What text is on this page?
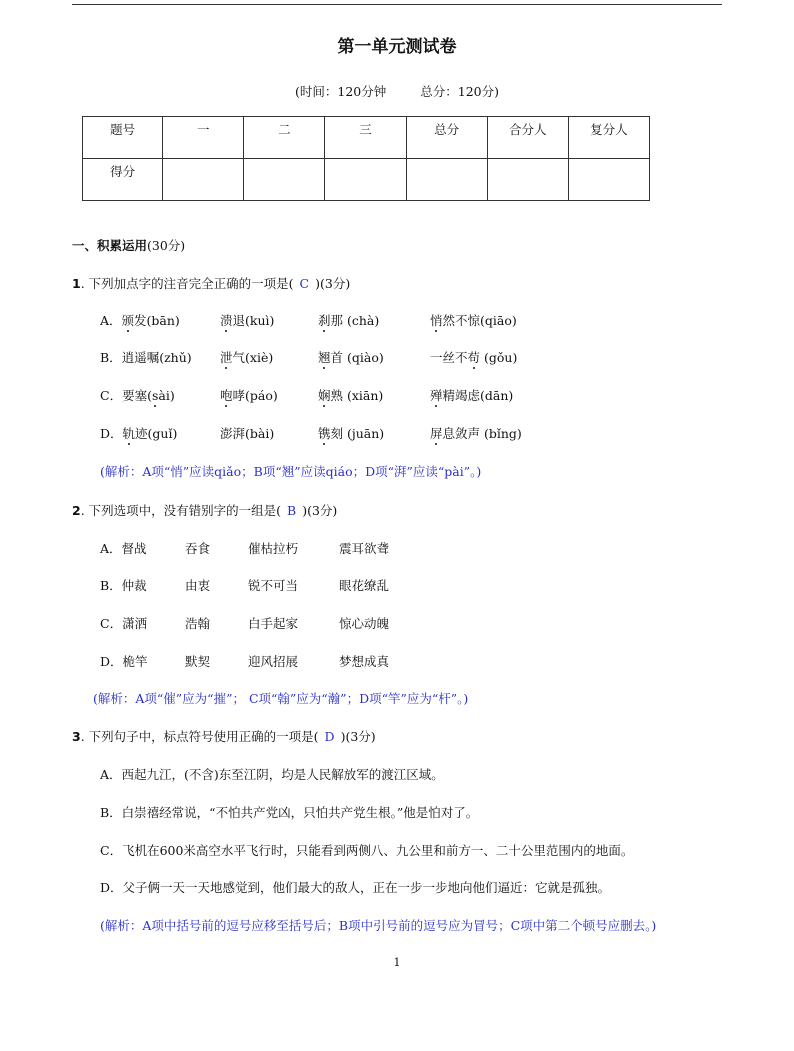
第一单元测试卷
(时间：120分钟	总分：120分)
题号	一	二	三	总分	合分人	复分人
得分						
一、积累运用(30分)
1. 下列加点字的注音完全正确的一项是( C )(3分)
A．颁发(bān)	溃退(kuì)	刹那 (chà)	悄然不惊(qiāo)
B．逍遥嘱(zhǔ) 泄气(xiè)	翘首 (qiào)	一丝不苟 (gǒu)
C．要塞(sài)	咆哮(páo)	娴熟 (xiān)	殚精竭虑(dān)
D．轨迹(guǐ)	澎湃(bài)	镌刻 (juān)	屏息敛声 (bǐng)
(解析：A项“悄”应读qiǎo；B项“翘”应读qiáo；D项“湃”应读“pài”。)
2. 下列选项中，没有错别字的一组是( B )(3分)
A．督战	吞食	催枯拉朽	震耳欲聋
B．仲裁	由衷	锐不可当	眼花缭乱
C．潇洒	浩翰	白手起家	惊心动魄
D．桅竿	默契	迎风招展	梦想成真
(解析：A项“催”应为“摧”； C项“翰”应为“瀚”；D项“竿”应为“杆”。)
3. 下列句子中，标点符号使用正确的一项是( D )(3分)
A．西起九江，(不含)东至江阴，均是人民解放军的渡江区域。
B．白崇禧经常说，“不怕共产党凶，只怕共产党生根。”他是怕对了。
C．飞机在600米高空水平飞行时，只能看到两侧八、九公里和前方一、二十公里范围内的地面。
D．父子俩一天一天地感觉到，他们最大的敌人，正在一步一步地向他们逼近：它就是孤独。
(解析：A项中括号前的逗号应移至括号后；B项中引号前的逗号应为冒号；C项中第二个顿号应删去。)
1
